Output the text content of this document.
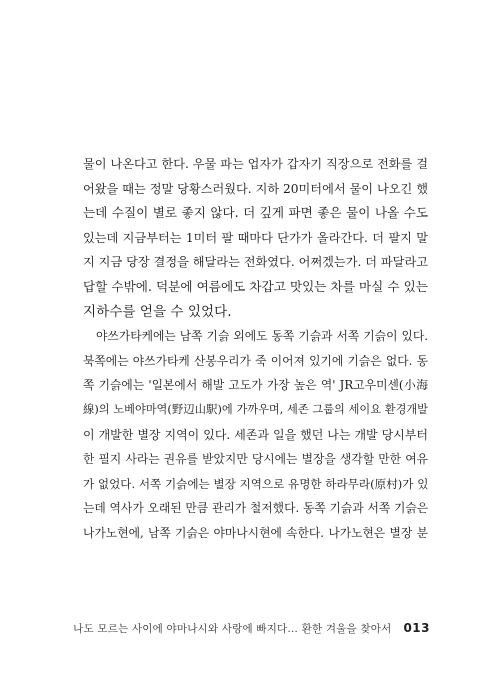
물이 나온다고 한다. 우물 파는 업자가 갑자기 직장으로 전화를 걸
어왔을 때는 정말 당황스러웠다. 지하 20미터에서 물이 나오긴 했
는데 수질이 별로 좋지 않다. 더 깊게 파면 좋은 물이 나올 수도
있는데 지금부터는 1미터 팔 때마다 단가가 올라간다. 더 팔지 말
지 지금 당장 결정을 해달라는 전화였다. 어쩌겠는가. 더 파달라고
답할 수밖에. 덕분에 여름에도 차갑고 맛있는 차를 마실 수 있는
지하수를 얻을 수 있었다.
야쓰가타케에는 남쪽 기슭 외에도 동쪽 기슭과 서쪽 기슭이 있다.
북쪽에는 야쓰가타케 산봉우리가 죽 이어져 있기에 기슭은 없다. 동
쪽 기슭에는 '일본에서 해발 고도가 가장 높은 역' JR고우미센(小海
線)의 노베야마역(野辺山駅)에 가까우며, 세존 그룹의 세이요 환경개발
이 개발한 별장 지역이 있다. 세존과 일을 했던 나는 개발 당시부터
한 필지 사라는 권유를 받았지만 당시에는 별장을 생각할 만한 여유
가 없었다. 서쪽 기슭에는 별장 지역으로 유명한 하라무라(原村)가 있
는데 역사가 오래된 만큼 관리가 철저했다. 동쪽 기슭과 서쪽 기슭은
나가노현에, 남쪽 기슭은 야마나시현에 속한다. 나가노현은 별장 분
나도 모르는 사이에 야마나시와 사랑에 빠지다… 환한 겨울을 찾아서 013
